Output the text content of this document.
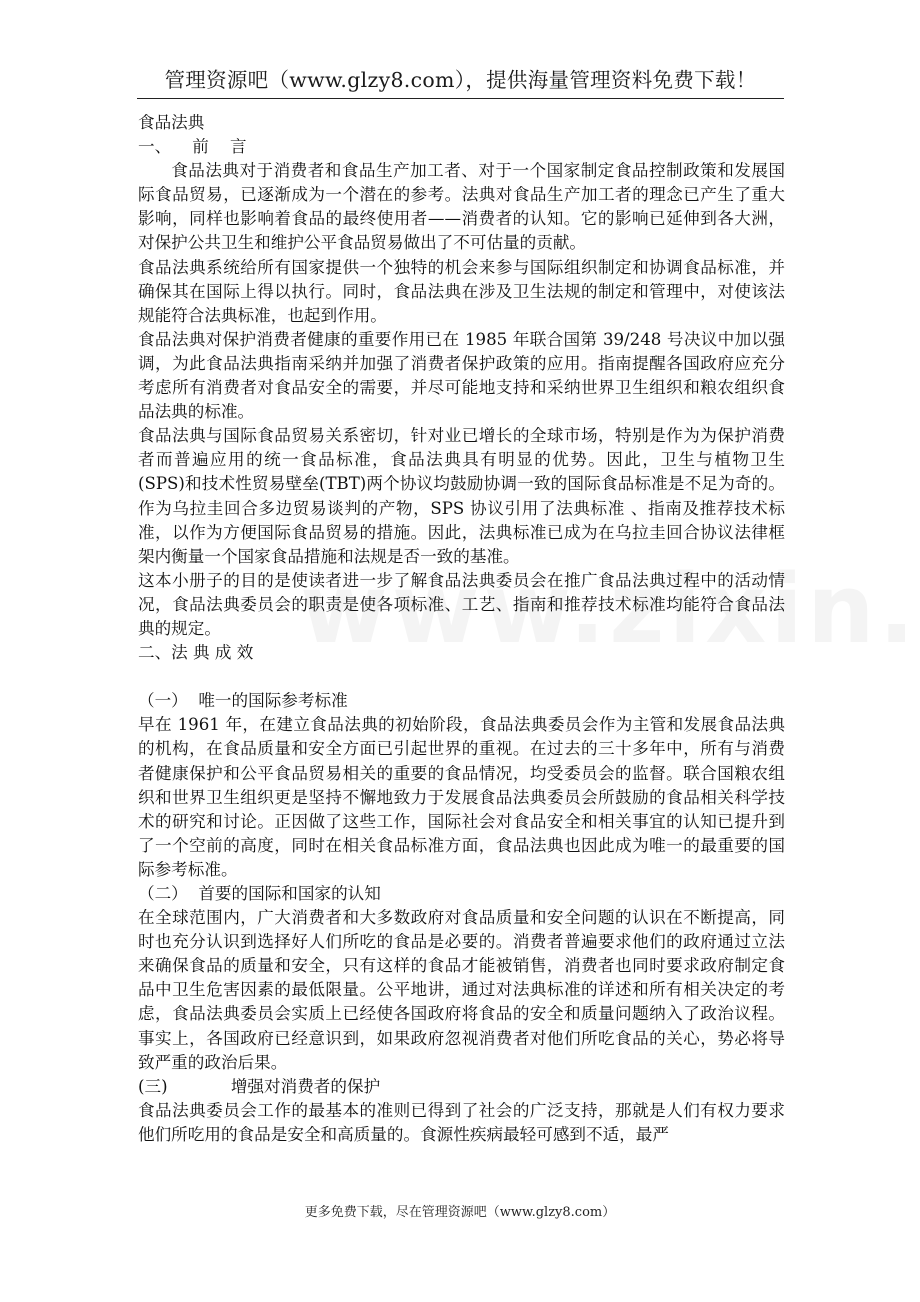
管理资源吧（www.glzy8.com），提供海量管理资料免费下载！

食品法典

一、    前    言

食品法典对于消费者和食品生产加工者、对于一个国家制定食品控制政策和发展国际食品贸易，已逐渐成为一个潜在的参考。法典对食品生产加工者的理念已产生了重大影响，同样也影响着食品的最终使用者——消费者的认知。它的影响已延伸到各大洲，对保护公共卫生和维护公平食品贸易做出了不可估量的贡献。

食品法典系统给所有国家提供一个独特的机会来参与国际组织制定和协调食品标准，并确保其在国际上得以执行。同时，食品法典在涉及卫生法规的制定和管理中，对使该法规能符合法典标准，也起到作用。

食品法典对保护消费者健康的重要作用已在 1985 年联合国第 39/248 号决议中加以强调，为此食品法典指南采纳并加强了消费者保护政策的应用。指南提醒各国政府应充分考虑所有消费者对食品安全的需要，并尽可能地支持和采纳世界卫生组织和粮农组织食品法典的标准。

食品法典与国际食品贸易关系密切，针对业已增长的全球市场，特别是作为为保护消费者而普遍应用的统一食品标准，食品法典具有明显的优势。因此，卫生与植物卫生 (SPS)和技术性贸易壁垒(TBT)两个协议均鼓励协调一致的国际食品标准是不足为奇的。作为乌拉圭回合多边贸易谈判的产物，SPS 协议引用了法典标准 、指南及推荐技术标准，以作为方便国际食品贸易的措施。因此，法典标准已成为在乌拉圭回合协议法律框架内衡量一个国家食品措施和法规是否一致的基准。

这本小册子的目的是使读者进一步了解食品法典委员会在推广食品法典过程中的活动情况，食品法典委员会的职责是使各项标准、工艺、指南和推荐技术标准均能符合食品法典的规定。

二、法 典 成 效

（一）  唯一的国际参考标准

早在 1961 年，在建立食品法典的初始阶段，食品法典委员会作为主管和发展食品法典的机构，在食品质量和安全方面已引起世界的重视。在过去的三十多年中，所有与消费者健康保护和公平食品贸易相关的重要的食品情况，均受委员会的监督。联合国粮农组织和世界卫生组织更是坚持不懈地致力于发展食品法典委员会所鼓励的食品相关科学技术的研究和讨论。正因做了这些工作，国际社会对食品安全和相关事宜的认知已提升到了一个空前的高度，同时在相关食品标准方面，食品法典也因此成为唯一的最重要的国际参考标准。

（二）  首要的国际和国家的认知

在全球范围内，广大消费者和大多数政府对食品质量和安全问题的认识在不断提高，同时也充分认识到选择好人们所吃的食品是必要的。消费者普遍要求他们的政府通过立法来确保食品的质量和安全，只有这样的食品才能被销售，消费者也同时要求政府制定食品中卫生危害因素的最低限量。公平地讲，通过对法典标准的详述和所有相关决定的考虑，食品法典委员会实质上已经使各国政府将食品的安全和质量问题纳入了政治议程。事实上，各国政府已经意识到，如果政府忽视消费者对他们所吃食品的关心，势必将导致严重的政治后果。

(三)            增强对消费者的保护

食品法典委员会工作的最基本的准则已得到了社会的广泛支持，那就是人们有权力要求他们所吃用的食品是安全和高质量的。食源性疾病最轻可感到不适，最严

更多免费下载，尽在管理资源吧（www.glzy8.com）
